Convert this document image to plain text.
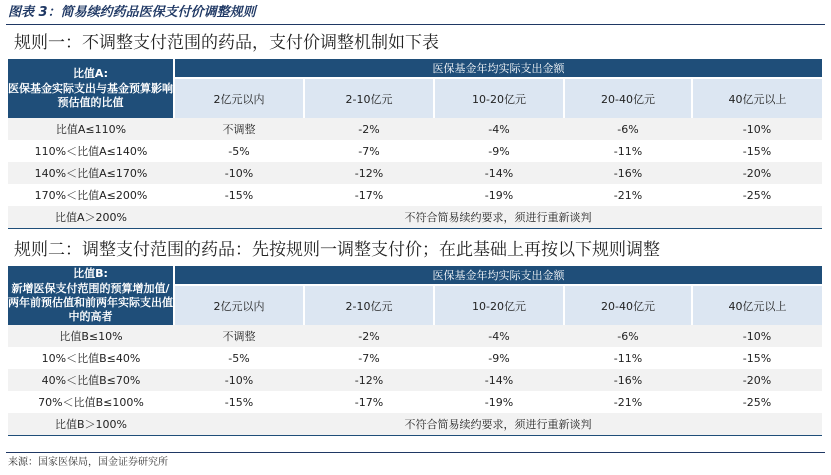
图表 3：简易续约药品医保支付价调整规则
规则一：不调整支付范围的药品，支付价调整机制如下表
比值A:
医保基金实际支出与基金预算影响预估值的比值	医保基金年均实际支出金额				
	2亿元以内	2-10亿元	10-20亿元	20-40亿元	40亿元以上
比值A≤110%	不调整	-2%	-4%	-6%	-10%
110%＜比值A≤140%	-5%	-7%	-9%	-11%	-15%
140%＜比值A≤170%	-10%	-12%	-14%	-16%	-20%
170%＜比值A≤200%	-15%	-17%	-19%	-21%	-25%
比值A＞200%	不符合简易续约要求，须进行重新谈判				
规则二：调整支付范围的药品：先按规则一调整支付价；在此基础上再按以下规则调整
比值B:
新增医保支付范围的预算增加值/两年前预估值和前两年实际支出值中的高者	医保基金年均实际支出金额				
	2亿元以内	2-10亿元	10-20亿元	20-40亿元	40亿元以上
比值B≤10%	不调整	-2%	-4%	-6%	-10%
10%＜比值B≤40%	-5%	-7%	-9%	-11%	-15%
40%＜比值B≤70%	-10%	-12%	-14%	-16%	-20%
70%＜比值B≤100%	-15%	-17%	-19%	-21%	-25%
比值B＞100%	不符合简易续约要求，须进行重新谈判				
来源：国家医保局，国金证券研究所
